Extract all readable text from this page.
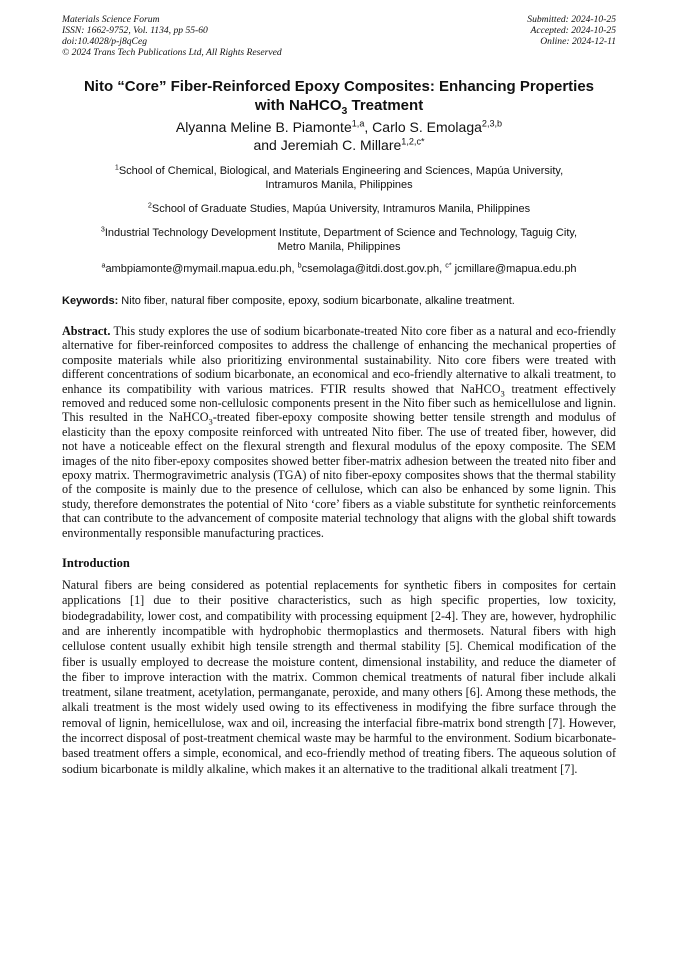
Materials Science Forum
ISSN: 1662-9752, Vol. 1134, pp 55-60
doi:10.4028/p-j8qCeg
© 2024 Trans Tech Publications Ltd, All Rights Reserved
Submitted: 2024-10-25
Accepted: 2024-10-25
Online: 2024-12-11
Nito “Core” Fiber-Reinforced Epoxy Composites: Enhancing Properties
with NaHCO$_3$ Treatment
Alyanna Meline B. Piamonte$^{1,a}$, Carlo S. Emolaga$^{2,3,b}$
and Jeremiah C. Millare$^{1,2,c*}$
$^1$School of Chemical, Biological, and Materials Engineering and Sciences, Mapúa University,
Intramuros Manila, Philippines
$^2$School of Graduate Studies, Mapúa University, Intramuros Manila, Philippines
$^3$Industrial Technology Development Institute, Department of Science and Technology, Taguig City,
Metro Manila, Philippines
$^a$ambpiamonte@mymail.mapua.edu.ph, $^b$csemolaga@itdi.dost.gov.ph, $^{c*}$ jcmillare@mapua.edu.ph
Keywords: Nito fiber, natural fiber composite, epoxy, sodium bicarbonate, alkaline treatment.

Abstract. This study explores the use of sodium bicarbonate-treated Nito core fiber as a natural and eco-friendly alternative for fiber-reinforced composites to address the challenge of enhancing the mechanical properties of composite materials while also prioritizing environmental sustainability. Nito core fibers were treated with different concentrations of sodium bicarbonate, an economical and eco-friendly alternative to alkali treatment, to enhance its compatibility with various matrices. FTIR results showed that NaHCO$_3$ treatment effectively removed and reduced some non-cellulosic components present in the Nito fiber such as hemicellulose and lignin. This resulted in the NaHCO$_3$-treated fiber-epoxy composite showing better tensile strength and modulus of elasticity than the epoxy composite reinforced with untreated Nito fiber. The use of treated fiber, however, did not have a noticeable effect on the flexural strength and flexural modulus of the epoxy composite. The SEM images of the nito fiber-epoxy composites showed better fiber-matrix adhesion between the treated nito fiber and epoxy matrix. Thermogravimetric analysis (TGA) of nito fiber-epoxy composites shows that the thermal stability of the composite is mainly due to the presence of cellulose, which can also be enhanced by some lignin. This study, therefore demonstrates the potential of Nito ‘core’ fibers as a viable substitute for synthetic reinforcements that can contribute to the advancement of composite material technology that aligns with the global shift towards environmentally responsible manufacturing practices.

Introduction

Natural fibers are being considered as potential replacements for synthetic fibers in composites for certain applications [1] due to their positive characteristics, such as high specific properties, low toxicity, biodegradability, lower cost, and compatibility with processing equipment [2-4]. They are, however, hydrophilic and are inherently incompatible with hydrophobic thermoplastics and thermosets. Natural fibers with high cellulose content usually exhibit high tensile strength and thermal stability [5]. Chemical modification of the fiber is usually employed to decrease the moisture content, dimensional instability, and reduce the diameter of the fiber to improve interaction with the matrix. Common chemical treatments of natural fiber include alkali treatment, silane treatment, acetylation, permanganate, peroxide, and many others [6]. Among these methods, the alkali treatment is the most widely used owing to its effectiveness in modifying the fibre surface through the removal of lignin, hemicellulose, wax and oil, increasing the interfacial fibre-matrix bond strength [7]. However, the incorrect disposal of post-treatment chemical waste may be harmful to the environment. Sodium bicarbonate-based treatment offers a simple, economical, and eco-friendly method of treating fibers. The aqueous solution of sodium bicarbonate is mildly alkaline, which makes it an alternative to the traditional alkali treatment [7].
